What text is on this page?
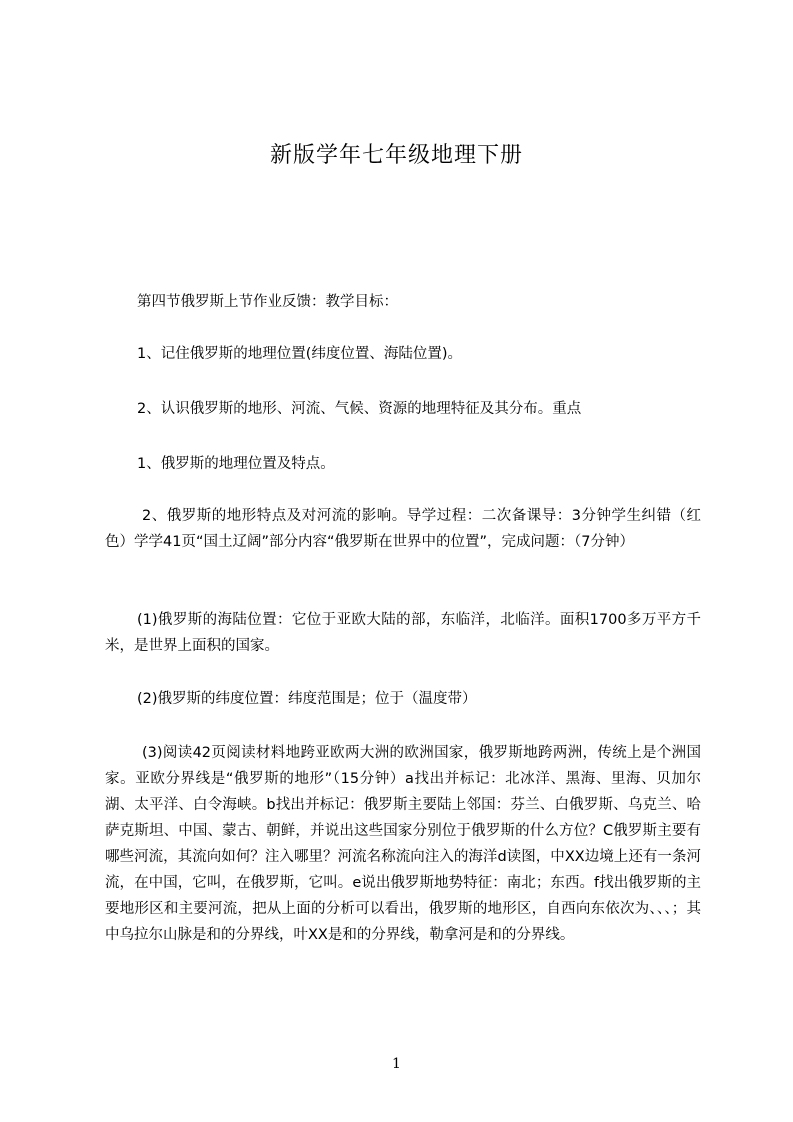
新版学年七年级地理下册
第四节俄罗斯上节作业反馈：教学目标：
1、记住俄罗斯的地理位置(纬度位置、海陆位置)。
2、认识俄罗斯的地形、河流、气候、资源的地理特征及其分布。重点
1、俄罗斯的地理位置及特点。
2、俄罗斯的地形特点及对河流的影响。导学过程：二次备课导：3分钟学生纠错（红色）学学41页“国土辽阔”部分内容“俄罗斯在世界中的位置”，完成问题：（7分钟）
(1)俄罗斯的海陆位置：它位于亚欧大陆的部，东临洋，北临洋。面积1700多万平方千米，是世界上面积的国家。
(2)俄罗斯的纬度位置：纬度范围是；位于（温度带）
(3)阅读42页阅读材料地跨亚欧两大洲的欧洲国家，俄罗斯地跨两洲，传统上是个洲国家。亚欧分界线是“俄罗斯的地形”（15分钟）a找出并标记：北冰洋、黑海、里海、贝加尔湖、太平洋、白令海峡。b找出并标记：俄罗斯主要陆上邻国：芬兰、白俄罗斯、乌克兰、哈萨克斯坦、中国、蒙古、朝鲜，并说出这些国家分别位于俄罗斯的什么方位？C俄罗斯主要有哪些河流，其流向如何？注入哪里？河流名称流向注入的海洋d读图，中XX边境上还有一条河流，在中国，它叫，在俄罗斯，它叫。e说出俄罗斯地势特征：南北；东西。f找出俄罗斯的主要地形区和主要河流，把从上面的分析可以看出，俄罗斯的地形区，自西向东依次为、、、；其中乌拉尔山脉是和的分界线，叶XX是和的分界线，勒拿河是和的分界线。
1
